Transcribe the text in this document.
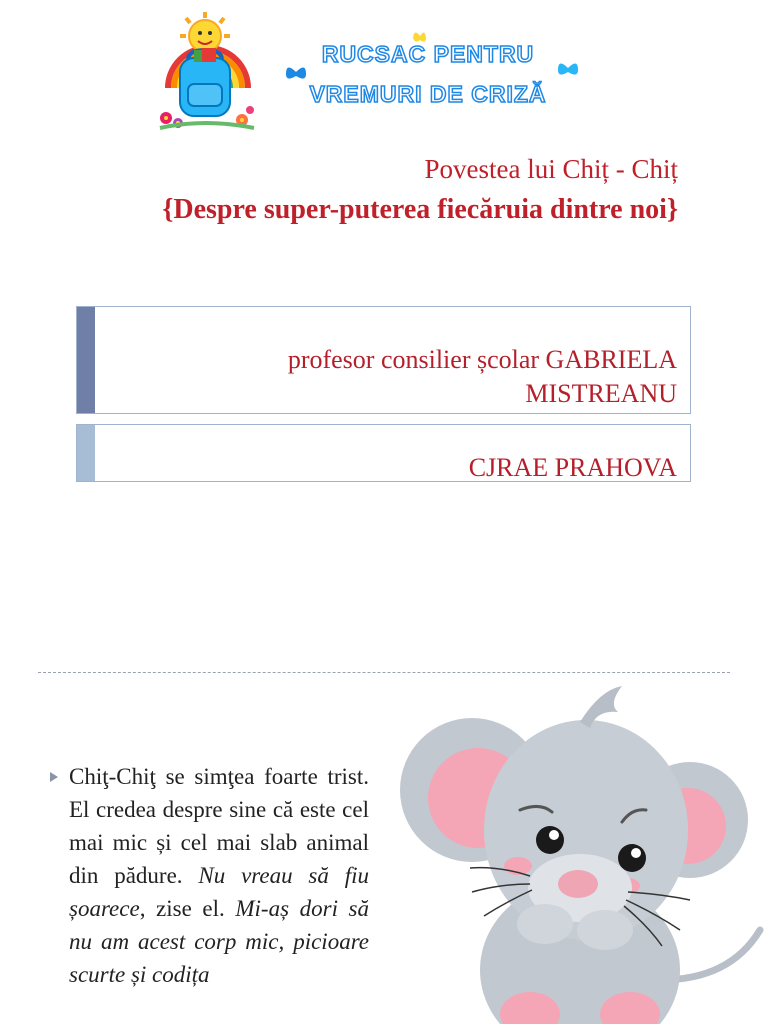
RUCSAC PENTRU
VREMURI DE CRIZĂ
Povestea lui Chiț - Chiț
{Despre super-puterea fiecăruia dintre noi}
profesor consilier școlar GABRIELA
MISTREANU
CJRAE PRAHOVA
Chiţ-Chiţ se simţea foarte trist. El credea despre sine că este cel mai mic și cel mai slab animal din pădure. Nu vreau să fiu șoarece, zise el. Mi-aș dori să nu am acest corp mic, picioare scurte și codița
